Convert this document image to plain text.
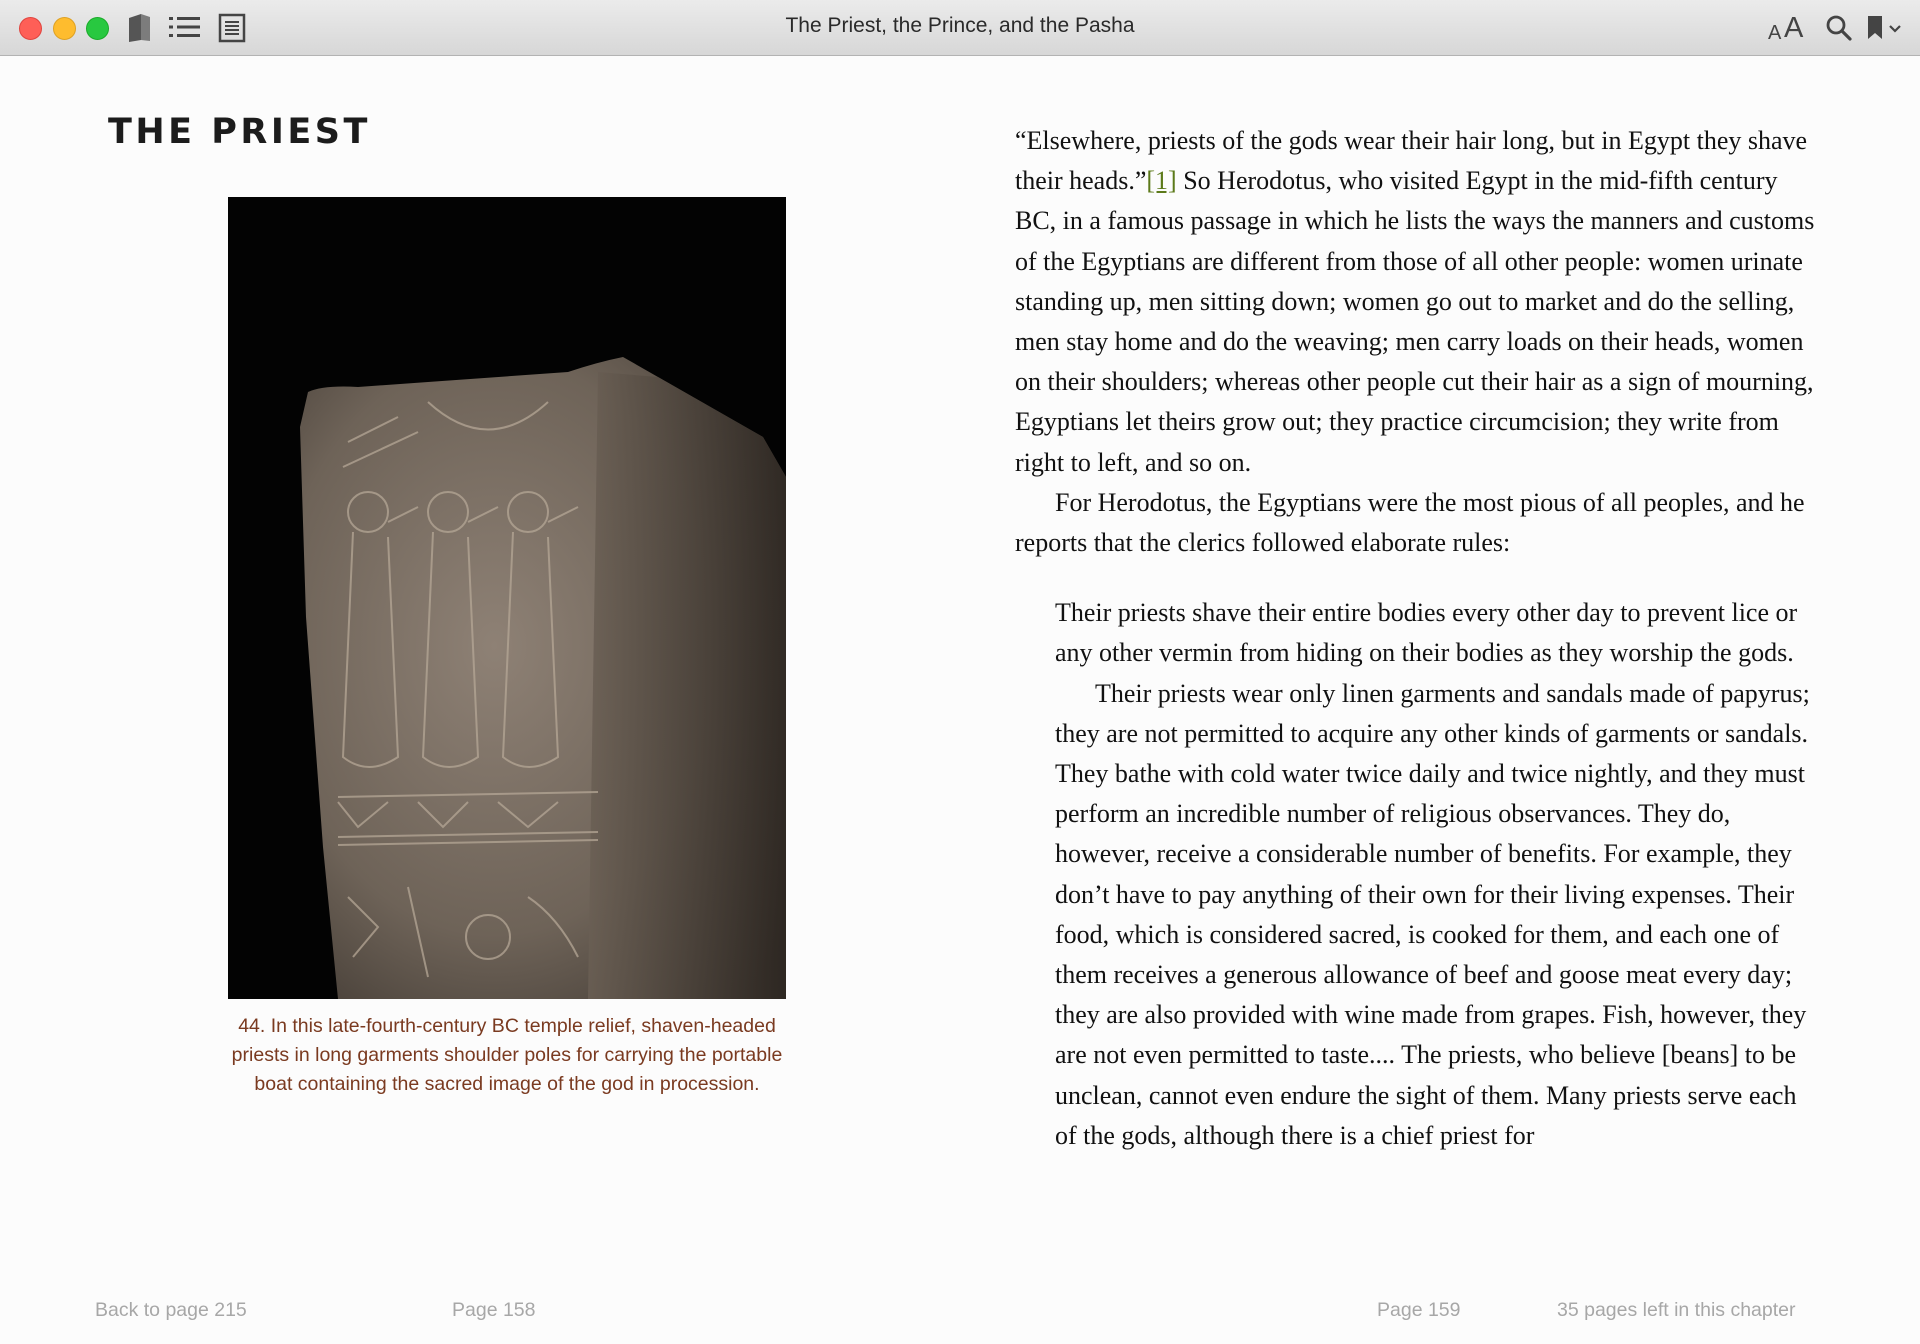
The Priest, the Prince, and the Pasha	A A
THE PRIEST
44. In this late-fourth-century BC temple relief, shaven-headed priests in long garments shoulder poles for carrying the portable boat containing the sacred image of the god in procession.

“Elsewhere, priests of the gods wear their hair long, but in Egypt they shave their heads.”[1] So Herodotus, who visited Egypt in the mid-fifth century BC, in a famous passage in which he lists the ways the manners and customs of the Egyptians are different from those of all other people: women urinate standing up, men sitting down; women go out to market and do the selling, men stay home and do the weaving; men carry loads on their heads, women on their shoulders; whereas other people cut their hair as a sign of mourning, Egyptians let theirs grow out; they practice circumcision; they write from right to left, and so on.

For Herodotus, the Egyptians were the most pious of all peoples, and he reports that the clerics followed elaborate rules:

Their priests shave their entire bodies every other day to prevent lice or any other vermin from hiding on their bodies as they worship the gods.

Their priests wear only linen garments and sandals made of papyrus; they are not permitted to acquire any other kinds of garments or sandals. They bathe with cold water twice daily and twice nightly, and they must perform an incredible number of religious observances. They do, however, receive a considerable number of benefits. For example, they don’t have to pay anything of their own for their living expenses. Their food, which is considered sacred, is cooked for them, and each one of them receives a generous allowance of beef and goose meat every day; they are also provided with wine made from grapes. Fish, however, they are not even permitted to taste.... The priests, who believe [beans] to be unclean, cannot even endure the sight of them. Many priests serve each of the gods, although there is a chief priest for

Back to page 215	Page 158	Page 159	35 pages left in this chapter
